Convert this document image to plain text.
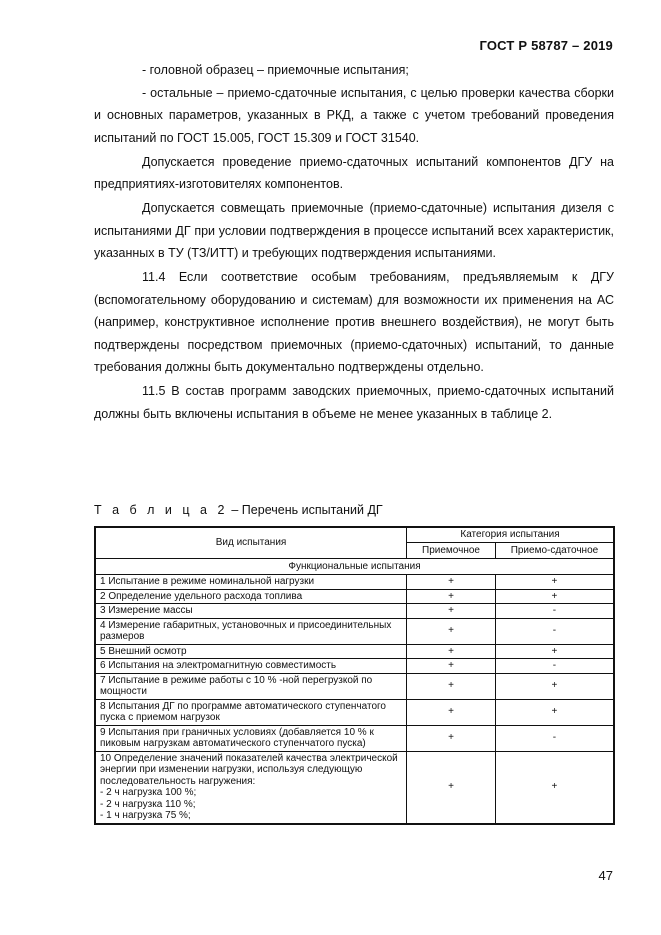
ГОСТ Р 58787 – 2019

- головной образец – приемочные испытания;

- остальные – приемо-сдаточные испытания, с целью проверки качества сборки и основных параметров, указанных в РКД, а также с учетом требований проведения испытаний по ГОСТ 15.005, ГОСТ 15.309 и ГОСТ 31540.

Допускается проведение приемо-сдаточных испытаний компонентов ДГУ на предприятиях-изготовителях компонентов.

Допускается совмещать приемочные (приемо-сдаточные) испытания дизеля с испытаниями ДГ при условии подтверждения в процессе испытаний всех характеристик, указанных в ТУ (ТЗ/ИТТ) и требующих подтверждения испытаниями.

11.4 Если соответствие особым требованиям, предъявляемым к ДГУ (вспомогательному оборудованию и системам) для возможности их применения на АС (например, конструктивное исполнение против внешнего воздействия), не могут быть подтверждены посредством приемочных (приемо-сдаточных) испытаний, то данные требования должны быть документально подтверждены отдельно.

11.5 В состав программ заводских приемочных, приемо-сдаточных испытаний должны быть включены испытания в объеме не менее указанных в таблице 2.

Т а б л и ц а 2 – Перечень испытаний ДГ
Вид испытания	Категория испытания	
	Приемочное	Приемо-сдаточное
Функциональные испытания		
1 Испытание в режиме номинальной нагрузки	+	+
2 Определение удельного расхода топлива	+	+
3 Измерение массы	+	-
4 Измерение габаритных, установочных и присоединительных размеров	+	-
5 Внешний осмотр	+	+
6 Испытания на электромагнитную совместимость	+	-
7 Испытание в режиме работы с 10 % -ной перегрузкой по мощности	+	+
8 Испытания ДГ по программе автоматического ступенчатого пуска с приемом нагрузок	+	+
9 Испытания при граничных условиях (добавляется 10 % к пиковым нагрузкам автоматического ступенчатого пуска)	+	-
10 Определение значений показателей качества электрической энергии при изменении нагрузки, используя следующую последовательность нагружения:
- 2 ч нагрузка 100 %;
- 2 ч нагрузка 110 %;
- 1 ч нагрузка 75 %;	+	+
47
